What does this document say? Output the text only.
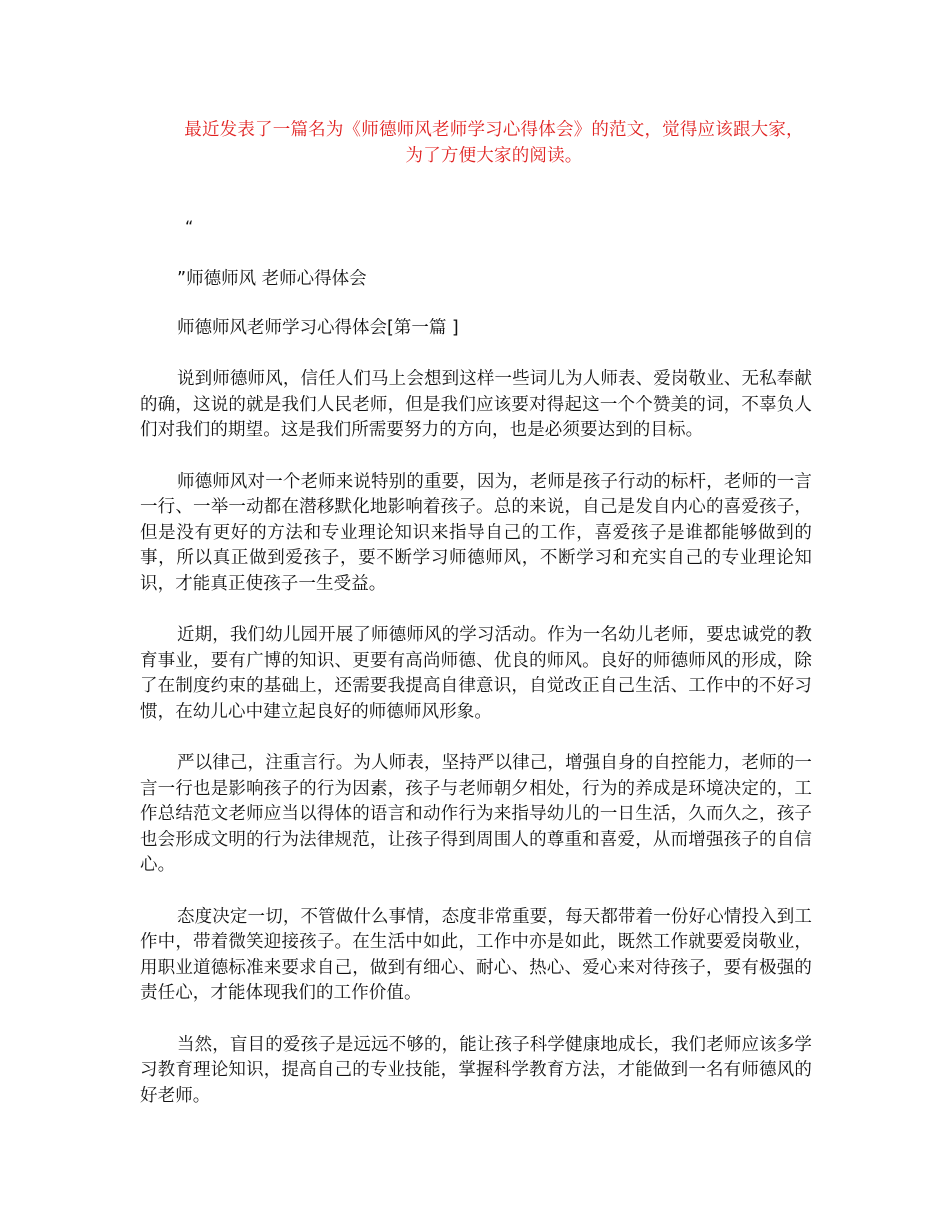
最近发表了一篇名为《师德师风老师学习心得体会》的范文，觉得应该跟大家，为了方便大家的阅读。
“
”师德师风 老师心得体会
师德师风老师学习心得体会[第一篇 ]

说到师德师风，信任人们马上会想到这样一些词儿为人师表、爱岗敬业、无私奉献的确，这说的就是我们人民老师，但是我们应该要对得起这一个个赞美的词，不辜负人们对我们的期望。这是我们所需要努力的方向，也是必须要达到的目标。

师德师风对一个老师来说特别的重要，因为，老师是孩子行动的标杆，老师的一言一行、一举一动都在潜移默化地影响着孩子。总的来说，自己是发自内心的喜爱孩子，但是没有更好的方法和专业理论知识来指导自己的工作，喜爱孩子是谁都能够做到的事，所以真正做到爱孩子，要不断学习师德师风，不断学习和充实自己的专业理论知识，才能真正使孩子一生受益。

近期，我们幼儿园开展了师德师风的学习活动。作为一名幼儿老师，要忠诚党的教育事业，要有广博的知识、更要有高尚师德、优良的师风。良好的师德师风的形成，除了在制度约束的基础上，还需要我提高自律意识，自觉改正自己生活、工作中的不好习惯，在幼儿心中建立起良好的师德师风形象。

严以律己，注重言行。为人师表，坚持严以律己，增强自身的自控能力，老师的一言一行也是影响孩子的行为因素，孩子与老师朝夕相处，行为的养成是环境决定的，工作总结范文老师应当以得体的语言和动作行为来指导幼儿的一日生活，久而久之，孩子也会形成文明的行为法律规范，让孩子得到周围人的尊重和喜爱，从而增强孩子的自信心。

态度决定一切，不管做什么事情，态度非常重要，每天都带着一份好心情投入到工作中，带着微笑迎接孩子。在生活中如此，工作中亦是如此，既然工作就要爱岗敬业，用职业道德标准来要求自己，做到有细心、耐心、热心、爱心来对待孩子，要有极强的责任心，才能体现我们的工作价值。

当然，盲目的爱孩子是远远不够的，能让孩子科学健康地成长，我们老师应该多学习教育理论知识，提高自己的专业技能，掌握科学教育方法，才能做到一名有师德风的好老师。
